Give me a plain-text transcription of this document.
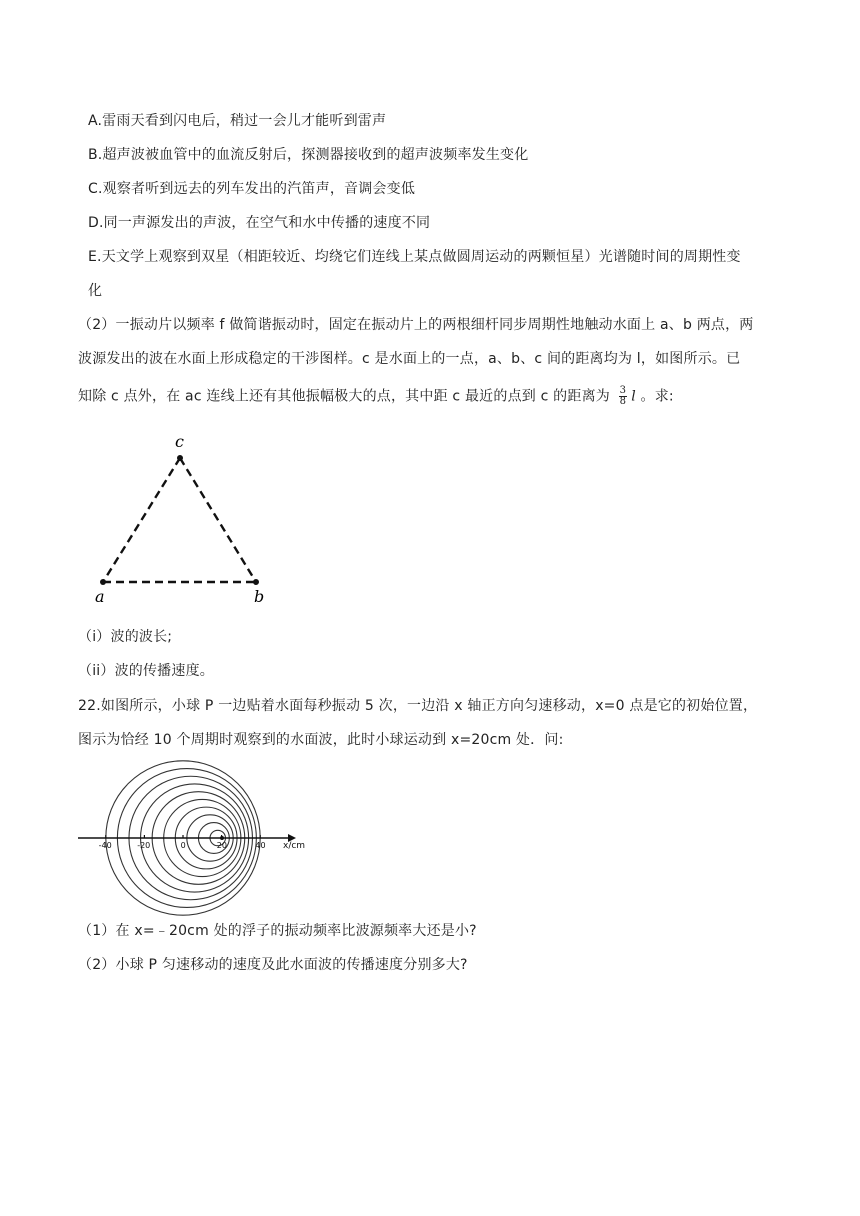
A.雷雨天看到闪电后，稍过一会儿才能听到雷声
B.超声波被血管中的血流反射后，探测器接收到的超声波频率发生变化
C.观察者听到远去的列车发出的汽笛声，音调会变低
D.同一声源发出的声波，在空气和水中传播的速度不同
E.天文学上观察到双星（相距较近、均绕它们连线上某点做圆周运动的两颗恒星）光谱随时间的周期性变
化
（2）一振动片以频率 f 做简谐振动时，固定在振动片上的两根细杆同步周期性地触动水面上 a、b 两点，两
波源发出的波在水面上形成稳定的干涉图样。c 是水面上的一点，a、b、c 间的距离均为 l，如图所示。已
知除 c 点外，在 ac 连线上还有其他振幅极大的点，其中距 c 最近的点到 c 的距离为 $\frac{3}{8}$ l 。求:
c
a	b
（i）波的波长;
（ii）波的传播速度。
22.如图所示，小球 P 一边贴着水面每秒振动 5 次，一边沿 x 轴正方向匀速移动，x=0 点是它的初始位置，
图示为恰经 10 个周期时观察到的水面波，此时小球运动到 x=20cm 处．问:
-40	-20	0	20	40 x/cm
（1）在 x=﹣20cm 处的浮子的振动频率比波源频率大还是小?
（2）小球 P 匀速移动的速度及此水面波的传播速度分别多大?
